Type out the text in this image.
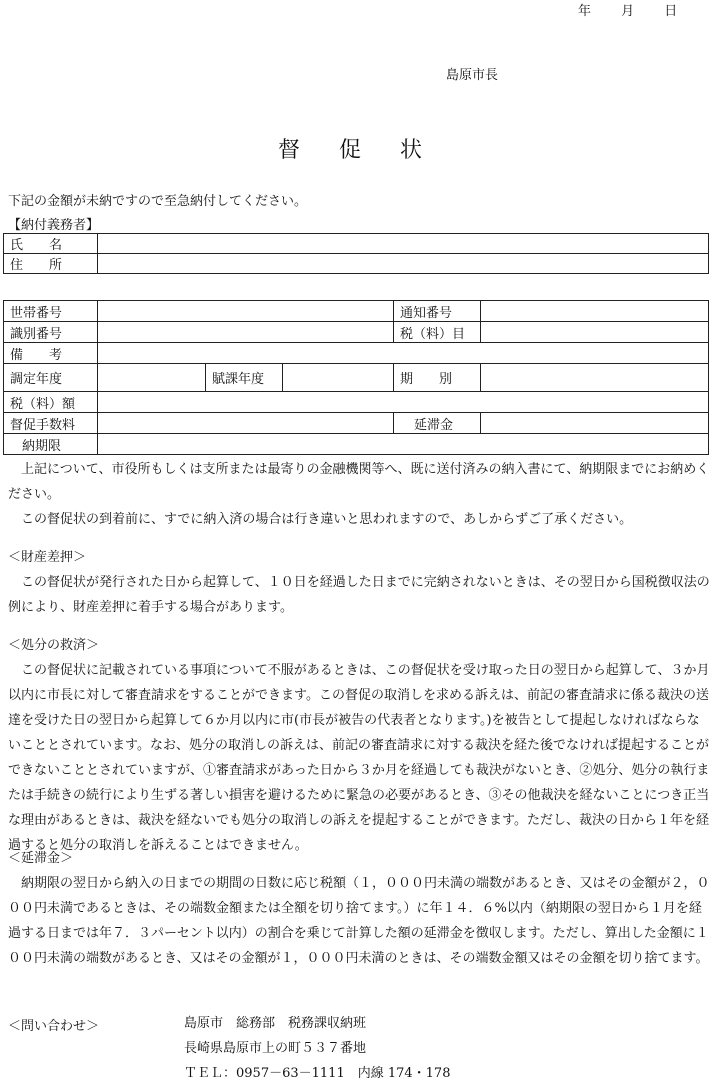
年 月 日
島原市長
督 促 状
下記の金額が未納ですので至急納付してください。
【納付義務者】
氏　　名	
住　　所	
世帯番号				通知番号	
識別番号				税（料）目	
備　　考					
調定年度		賦課年度		期　　別	
税（料）額					
督促手数料				延滞金	
納期限					

上記について、市役所もしくは支所または最寄りの金融機関等へ、既に送付済みの納入書にて、納期限までにお納めください。

この督促状の到着前に、すでに納入済の場合は行き違いと思われますので、あしからずご了承ください。

＜財産差押＞

この督促状が発行された日から起算して、１０日を経過した日までに完納されないときは、その翌日から国税徴収法の例により、財産差押に着手する場合があります。

＜処分の救済＞

この督促状に記載されている事項について不服があるときは、この督促状を受け取った日の翌日から起算して、３か月以内に市長に対して審査請求をすることができます。この督促の取消しを求める訴えは、前記の審査請求に係る裁決の送達を受けた日の翌日から起算して６か月以内に市(市長が被告の代表者となります。)を被告として提起しなければならないこととされています。なお、処分の取消しの訴えは、前記の審査請求に対する裁決を経た後でなければ提起することができないこととされていますが、①審査請求があった日から３か月を経過しても裁決がないとき、②処分、処分の執行または手続きの続行により生ずる著しい損害を避けるために緊急の必要があるとき、③その他裁決を経ないことにつき正当な理由があるときは、裁決を経ないでも処分の取消しの訴えを提起することができます。ただし、裁決の日から１年を経過すると処分の取消しを訴えることはできません。

＜延滞金＞

納期限の翌日から納入の日までの期間の日数に応じ税額（１，０００円未満の端数があるとき、又はその金額が２，０００円未満であるときは、その端数金額または全額を切り捨てます。）に年１４．６%以内（納期限の翌日から１月を経過する日までは年７．３パーセント以内）の割合を乗じて計算した額の延滞金を徴収します。ただし、算出した金額に１００円未満の端数があるとき、又はその金額が１，０００円未満のときは、その端数金額又はその金額を切り捨てます。

＜問い合わせ＞	島原市　総務部　税務課収納班
長崎県島原市上の町５３７番地
ＴＥＬ：0957－63－1111　内線 174・178
